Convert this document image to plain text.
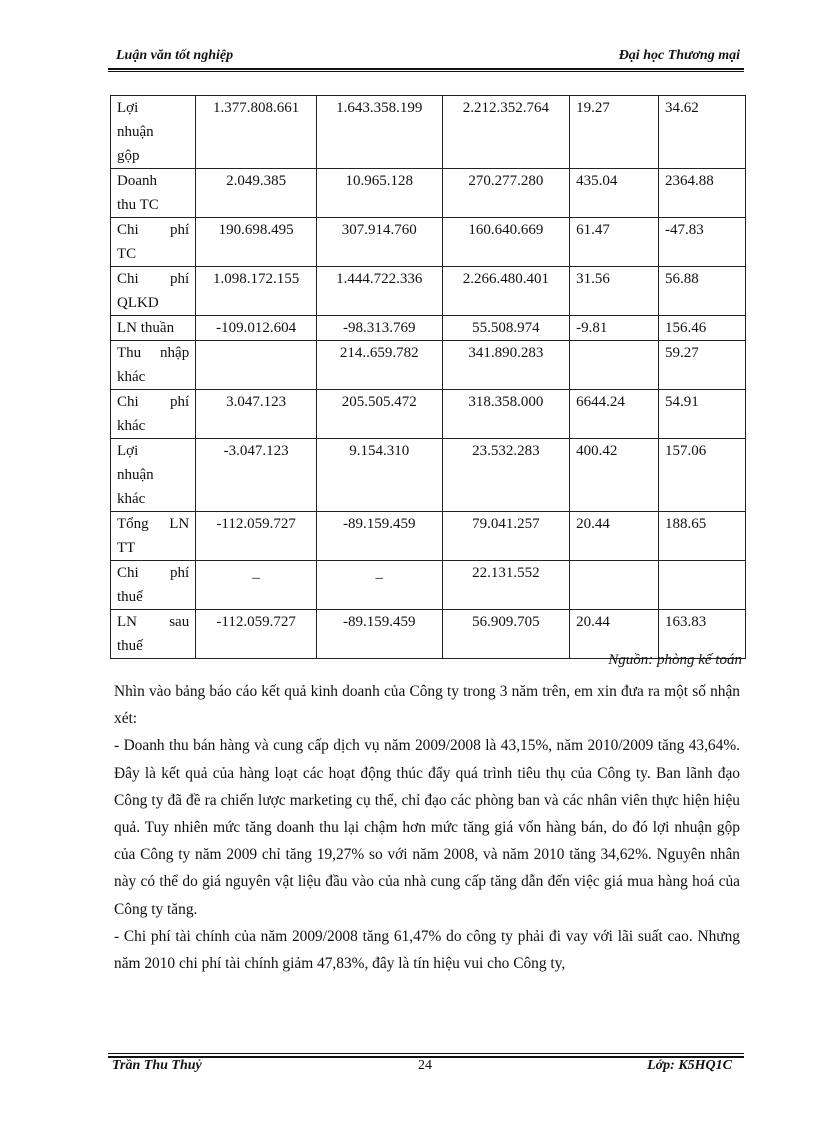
Luận văn tốt nghiệp	Đại học Thương mại
Lợi
nhuận
gộp	1.377.808.661	1.643.358.199	2.212.352.764	19.27	34.62

Doanh
thu TC	2.049.385	10.965.128	270.277.280	435.04	2364.88

Chi phí
TC	190.698.495	307.914.760	160.640.669	61.47	-47.83

Chi phí
QLKD	1.098.172.155	1.444.722.336	2.266.480.401	31.56	56.88

LN thuần	-109.012.604	-98.313.769	55.508.974	-9.81	156.46

Thu nhập
khác		214..659.782	341.890.283		59.27

Chi phí
khác	3.047.123	205.505.472	318.358.000	6644.24	54.91

Lợi
nhuận
khác	-3.047.123	9.154.310	23.532.283	400.42	157.06

Tổng LN
TT	-112.059.727	-89.159.459	79.041.257	20.44	188.65

Chi phí
thuế	_	_	22.131.552		

LN sau
thuế	-112.059.727	-89.159.459	56.909.705	20.44	163.83
Nguồn: phòng kế toán

Nhìn vào bảng báo cáo kết quả kinh doanh của Công ty trong 3 năm trên, em xin đưa ra một số nhận xét:

- Doanh thu bán hàng và cung cấp dịch vụ năm 2009/2008 là 43,15%, năm 2010/2009 tăng 43,64%. Đây là kết quả của hàng loạt các hoạt động thúc đẩy quá trình tiêu thụ của Công ty. Ban lãnh đạo Công ty đã đề ra chiến lược marketing cụ thể, chỉ đạo các phòng ban và các nhân viên thực hiện hiệu quả. Tuy nhiên mức tăng doanh thu lại chậm hơn mức tăng giá vốn hàng bán, do đó lợi nhuận gộp của Công ty năm 2009 chỉ tăng 19,27% so với năm 2008, và năm 2010 tăng 34,62%. Nguyên nhân này có thể do giá nguyên vật liệu đầu vào của nhà cung cấp tăng dẫn đến việc giá mua hàng hoá của Công ty tăng.

- Chi phí tài chính của năm 2009/2008 tăng 61,47% do công ty phải đi vay với lãi suất cao. Nhưng năm 2010 chi phí tài chính giảm 47,83%, đây là tín hiệu vui cho Công ty,

Trần Thu Thuỷ	24	Lớp: K5HQ1C
